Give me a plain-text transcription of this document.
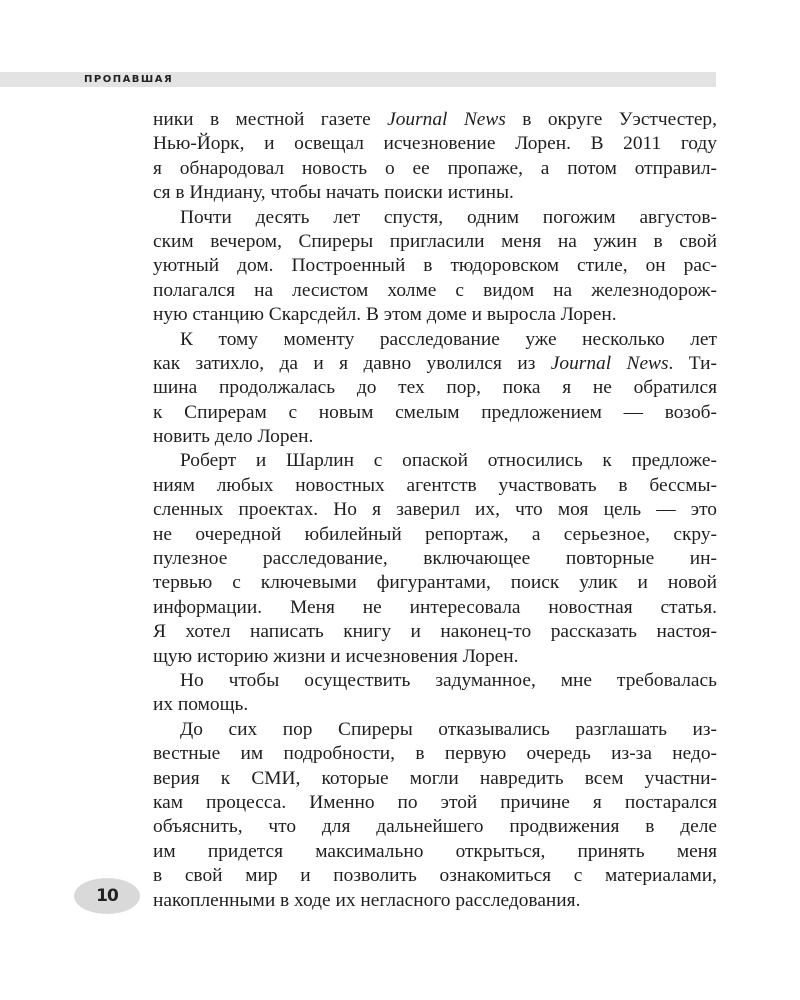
ПРОПАВШАЯ
ники в местной газете Journal News в округе Уэстчестер,
Нью-Йорк, и освещал исчезновение Лорен. В 2011 году
я обнародовал новость о ее пропаже, а потом отправил-
ся в Индиану, чтобы начать поиски истины.
Почти десять лет спустя, одним погожим августов-
ским вечером, Спиреры пригласили меня на ужин в свой
уютный дом. Построенный в тюдоровском стиле, он рас-
полагался на лесистом холме с видом на железнодорож-
ную станцию Скарсдейл. В этом доме и выросла Лорен.
К тому моменту расследование уже несколько лет
как затихло, да и я давно уволился из Journal News. Ти-
шина продолжалась до тех пор, пока я не обратился
к Спирерам с новым смелым предложением — возоб-
новить дело Лорен.
Роберт и Шарлин с опаской относились к предложе-
ниям любых новостных агентств участвовать в бессмы-
сленных проектах. Но я заверил их, что моя цель — это
не очередной юбилейный репортаж, а серьезное, скру-
пулезное расследование, включающее повторные ин-
тервью с ключевыми фигурантами, поиск улик и новой
информации. Меня не интересовала новостная статья.
Я хотел написать книгу и наконец-то рассказать настоя-
щую историю жизни и исчезновения Лорен.
Но чтобы осуществить задуманное, мне требовалась
их помощь.
До сих пор Спиреры отказывались разглашать из-
вестные им подробности, в первую очередь из-за недо-
верия к СМИ, которые могли навредить всем участни-
кам процесса. Именно по этой причине я постарался
объяснить, что для дальнейшего продвижения в деле
им придется максимально открыться, принять меня
в свой мир и позволить ознакомиться с материалами,
накопленными в ходе их негласного расследования.
10
